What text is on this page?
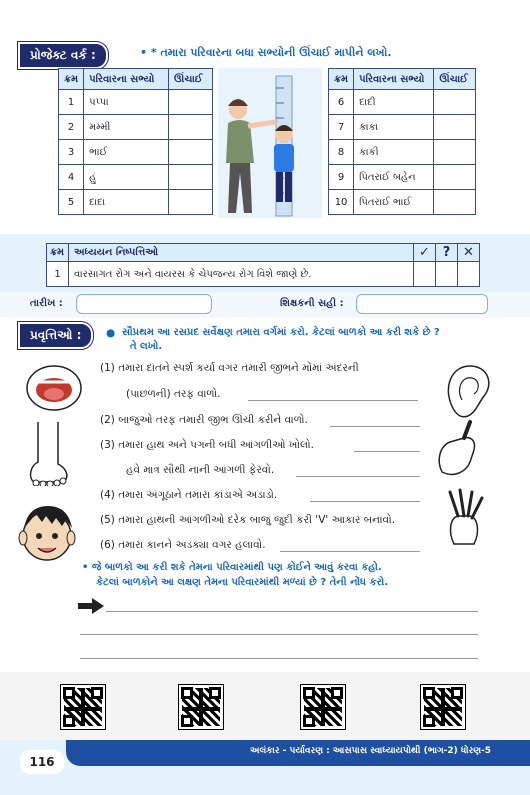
પ્રોજેક્ટ વર્ક :	• * તમારા પરિવારના બધા સભ્યોની ઊંચાઈ માપીને લખો.
ક્રમ	પરિવારના સભ્યો	ઊંચાઈ
1	પપ્પા	
2	મમ્મી	
3	ભાઈ	
4	હું	
5	દાદા	
ક્રમ	પરિવારના સભ્યો	ઊંચાઈ
6	દાદી	
7	કાકા	
8	કાકી	
9	પિતરાઈ બહેન	
10	પિતરાઈ ભાઈ	
ક્રમ	અધ્યયન નિષ્પત્તિઓ	✓	?	✕
1	વારસાગત રોગ અને વાયરસ કે ચેપજન્ય રોગ વિશે જાણે છે.			
તારીખ :	શિક્ષકની સહી :
પ્રવૃત્તિઓ :	● સૌપ્રથમ આ રસપ્રદ સર્વેક્ષણ તમારા વર્ગમાં કરો. કેટલાં બાળકો આ કરી શકે છે ?
તે લખો.
(1) તમારા દાંતને સ્પર્શ કર્યા વગર તમારી જીભને મોંમાં અંદરની
(પાછળની) તરફ વાળો.
(2) બાજુઓ તરફ તમારી જીભ ઊંચી કરીને વાળો.
(3) તમારા હાથ અને પગની બધી આંગળીઓ ખોલો.
હવે માત્ર સૌથી નાની આંગળી ફેરવો.
(4) તમારા અંગૂઠાને તમારા કાંડાએ અડાડો.
(5) તમારા હાથની આંગળીઓ દરેક બાજુ જુદી કરી 'V' આકાર બનાવો.
(6) તમારા કાનને અડક્યા વગર હલાવો.
• જે બાળકો આ કરી શકે તેમના પરિવારમાંથી પણ કોઈને આવું કરવા કહો.
કેટલાં બાળકોને આ લક્ષણ તેમના પરિવારમાંથી મળ્યાં છે ? તેની નોંધ કરો.
અલંકાર - પર્યાવરણ : આસપાસ સ્વાધ્યાયપોથી (ભાગ-2) ધોરણ-5
116
